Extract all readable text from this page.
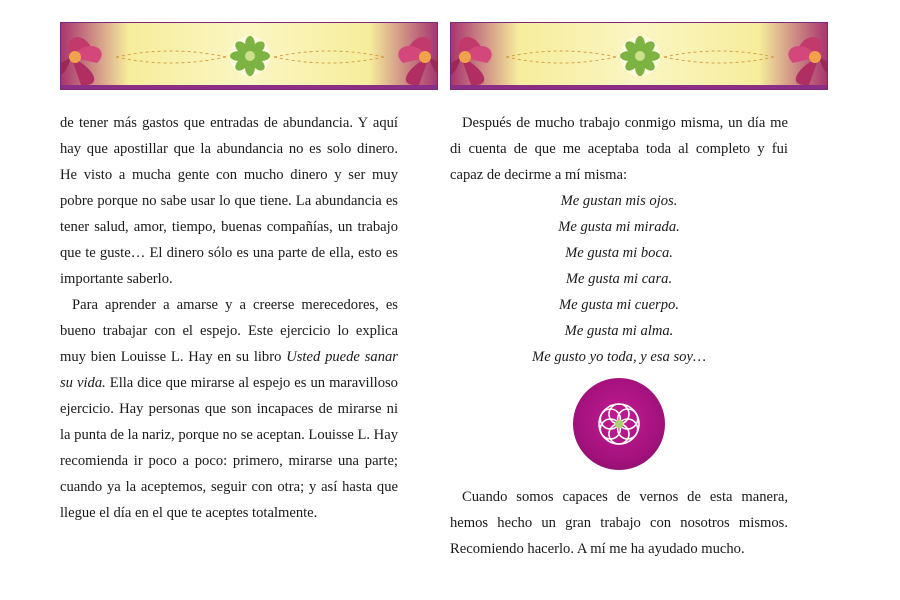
de tener más gastos que entradas de abundancia. Y aquí hay que apostillar que la abundancia no es solo dinero. He visto a mucha gente con mucho dinero y ser muy pobre porque no sabe usar lo que tiene. La abundancia es tener salud, amor, tiempo, buenas compañías, un trabajo que te guste… El dinero sólo es una parte de ella, esto es importante saberlo.

Para aprender a amarse y a creerse merecedores, es bueno trabajar con el espejo. Este ejercicio lo explica muy bien Louisse L. Hay en su libro Usted puede sanar su vida. Ella dice que mirarse al espejo es un maravilloso ejercicio. Hay personas que son incapaces de mirarse ni la punta de la nariz, porque no se aceptan. Louisse L. Hay recomienda ir poco a poco: primero, mirarse una parte; cuando ya la aceptemos, seguir con otra; y así hasta que llegue el día en el que te aceptes totalmente.

Después de mucho trabajo conmigo misma, un día me di cuenta de que me aceptaba toda al completo y fui capaz de decirme a mí misma:

Me gustan mis ojos.
Me gusta mi mirada.
Me gusta mi boca.
Me gusta mi cara.
Me gusta mi cuerpo.
Me gusta mi alma.
Me gusto yo toda, y esa soy…

Cuando somos capaces de vernos de esta manera, hemos hecho un gran trabajo con nosotros mismos. Recomiendo hacerlo. A mí me ha ayudado mucho.
